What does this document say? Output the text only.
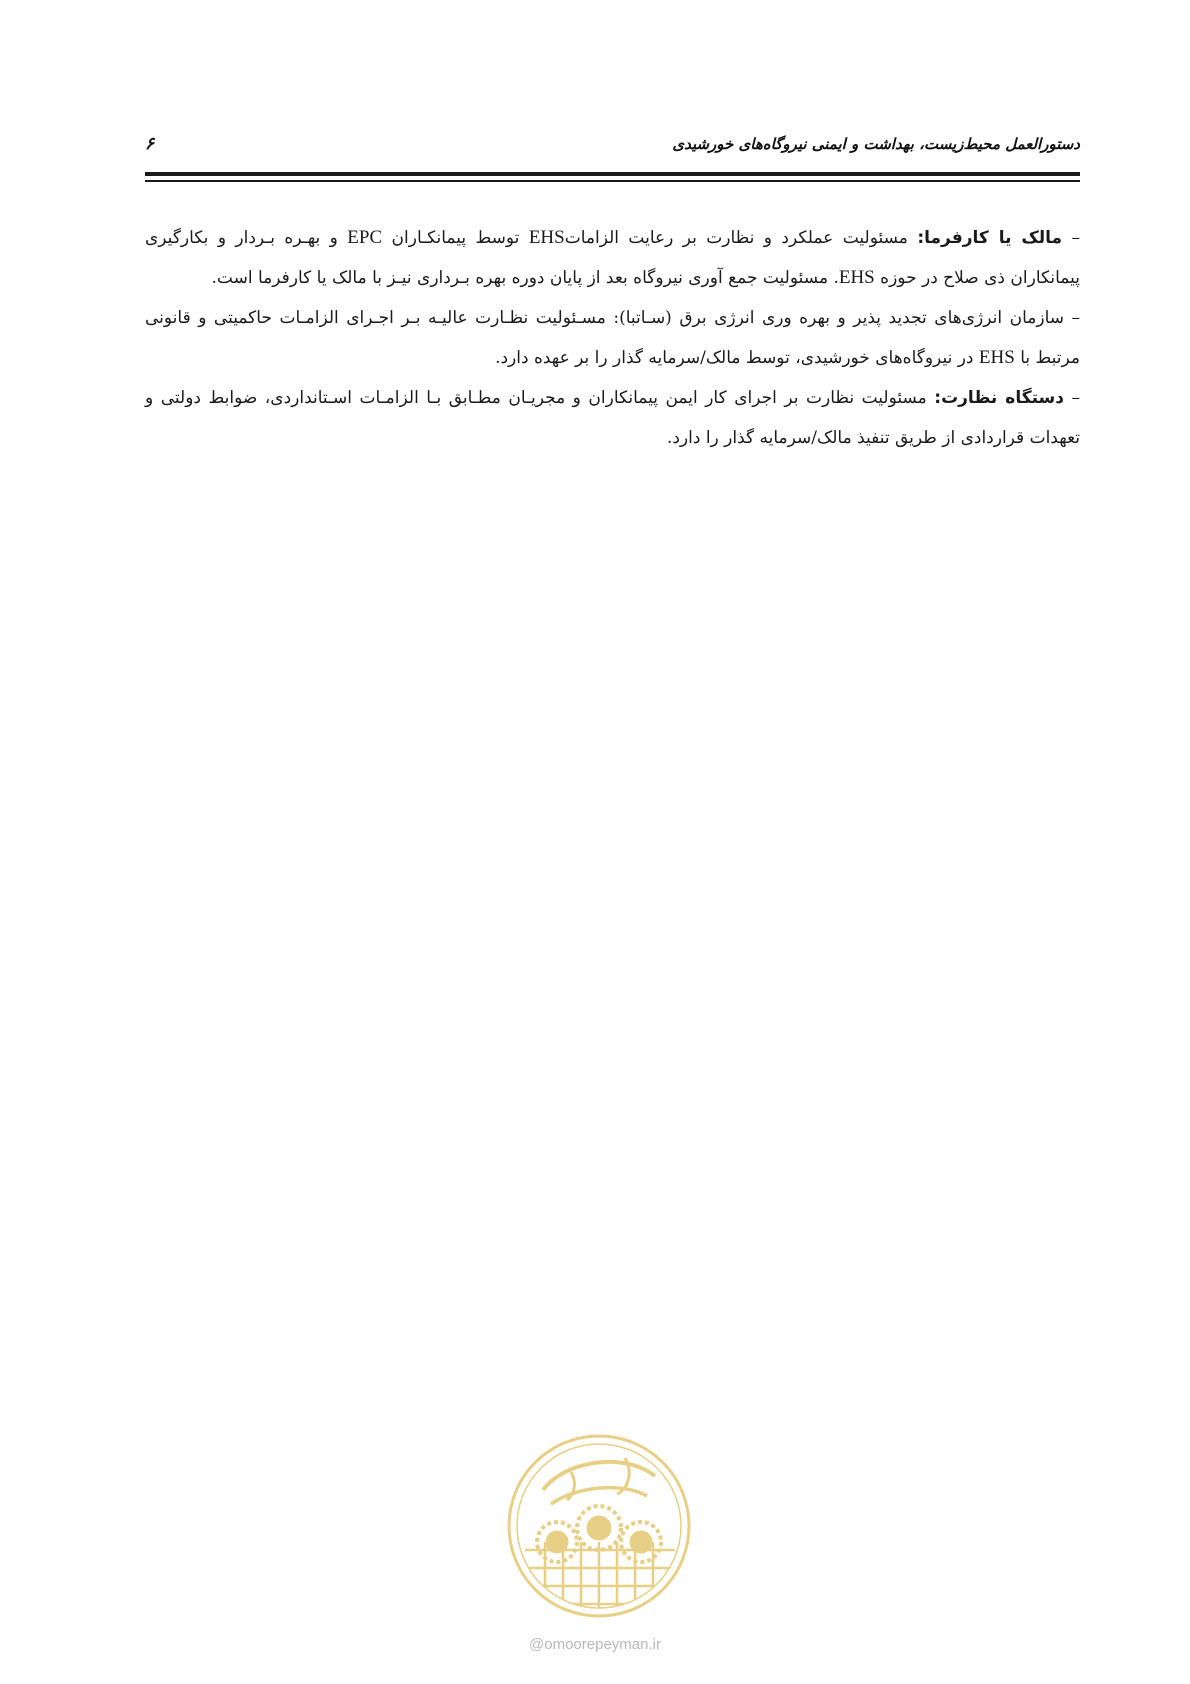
دستورالعمل محیط‌زیست، بهداشت و ایمنی نیروگاه‌های خورشیدی
۶

– مالک یا کارفرما: مسئولیت عملکرد و نظارت بر رعایت الزاماتEHS توسط پیمانکـاران EPC و بهـره بـردار و بکارگیری پیمانکاران ذی صلاح در حوزه EHS. مسئولیت جمع آوری نیروگاه بعد از پایان دوره بهره بـرداری نیـز با مالک یا کارفرما است.

– سازمان انرژی‌های تجدید پذیر و بهره وری انرژی برق (سـاتبا): مسـئولیت نظـارت عالیـه بـر اجـرای الزامـات حاکمیتی و قانونی مرتبط با EHS در نیروگاه‌های خورشیدی، توسط مالک/سرمایه گذار را بر عهده دارد.

– دستگاه نظارت: مسئولیت نظارت بر اجرای کار ایمن پیمانکاران و مجریـان مطـابق بـا الزامـات اسـتانداردی، ضوابط دولتی و تعهدات قراردادی از طریق تنفیذ مالک/سرمایه گذار را دارد.

@omoorepeyman.ir
